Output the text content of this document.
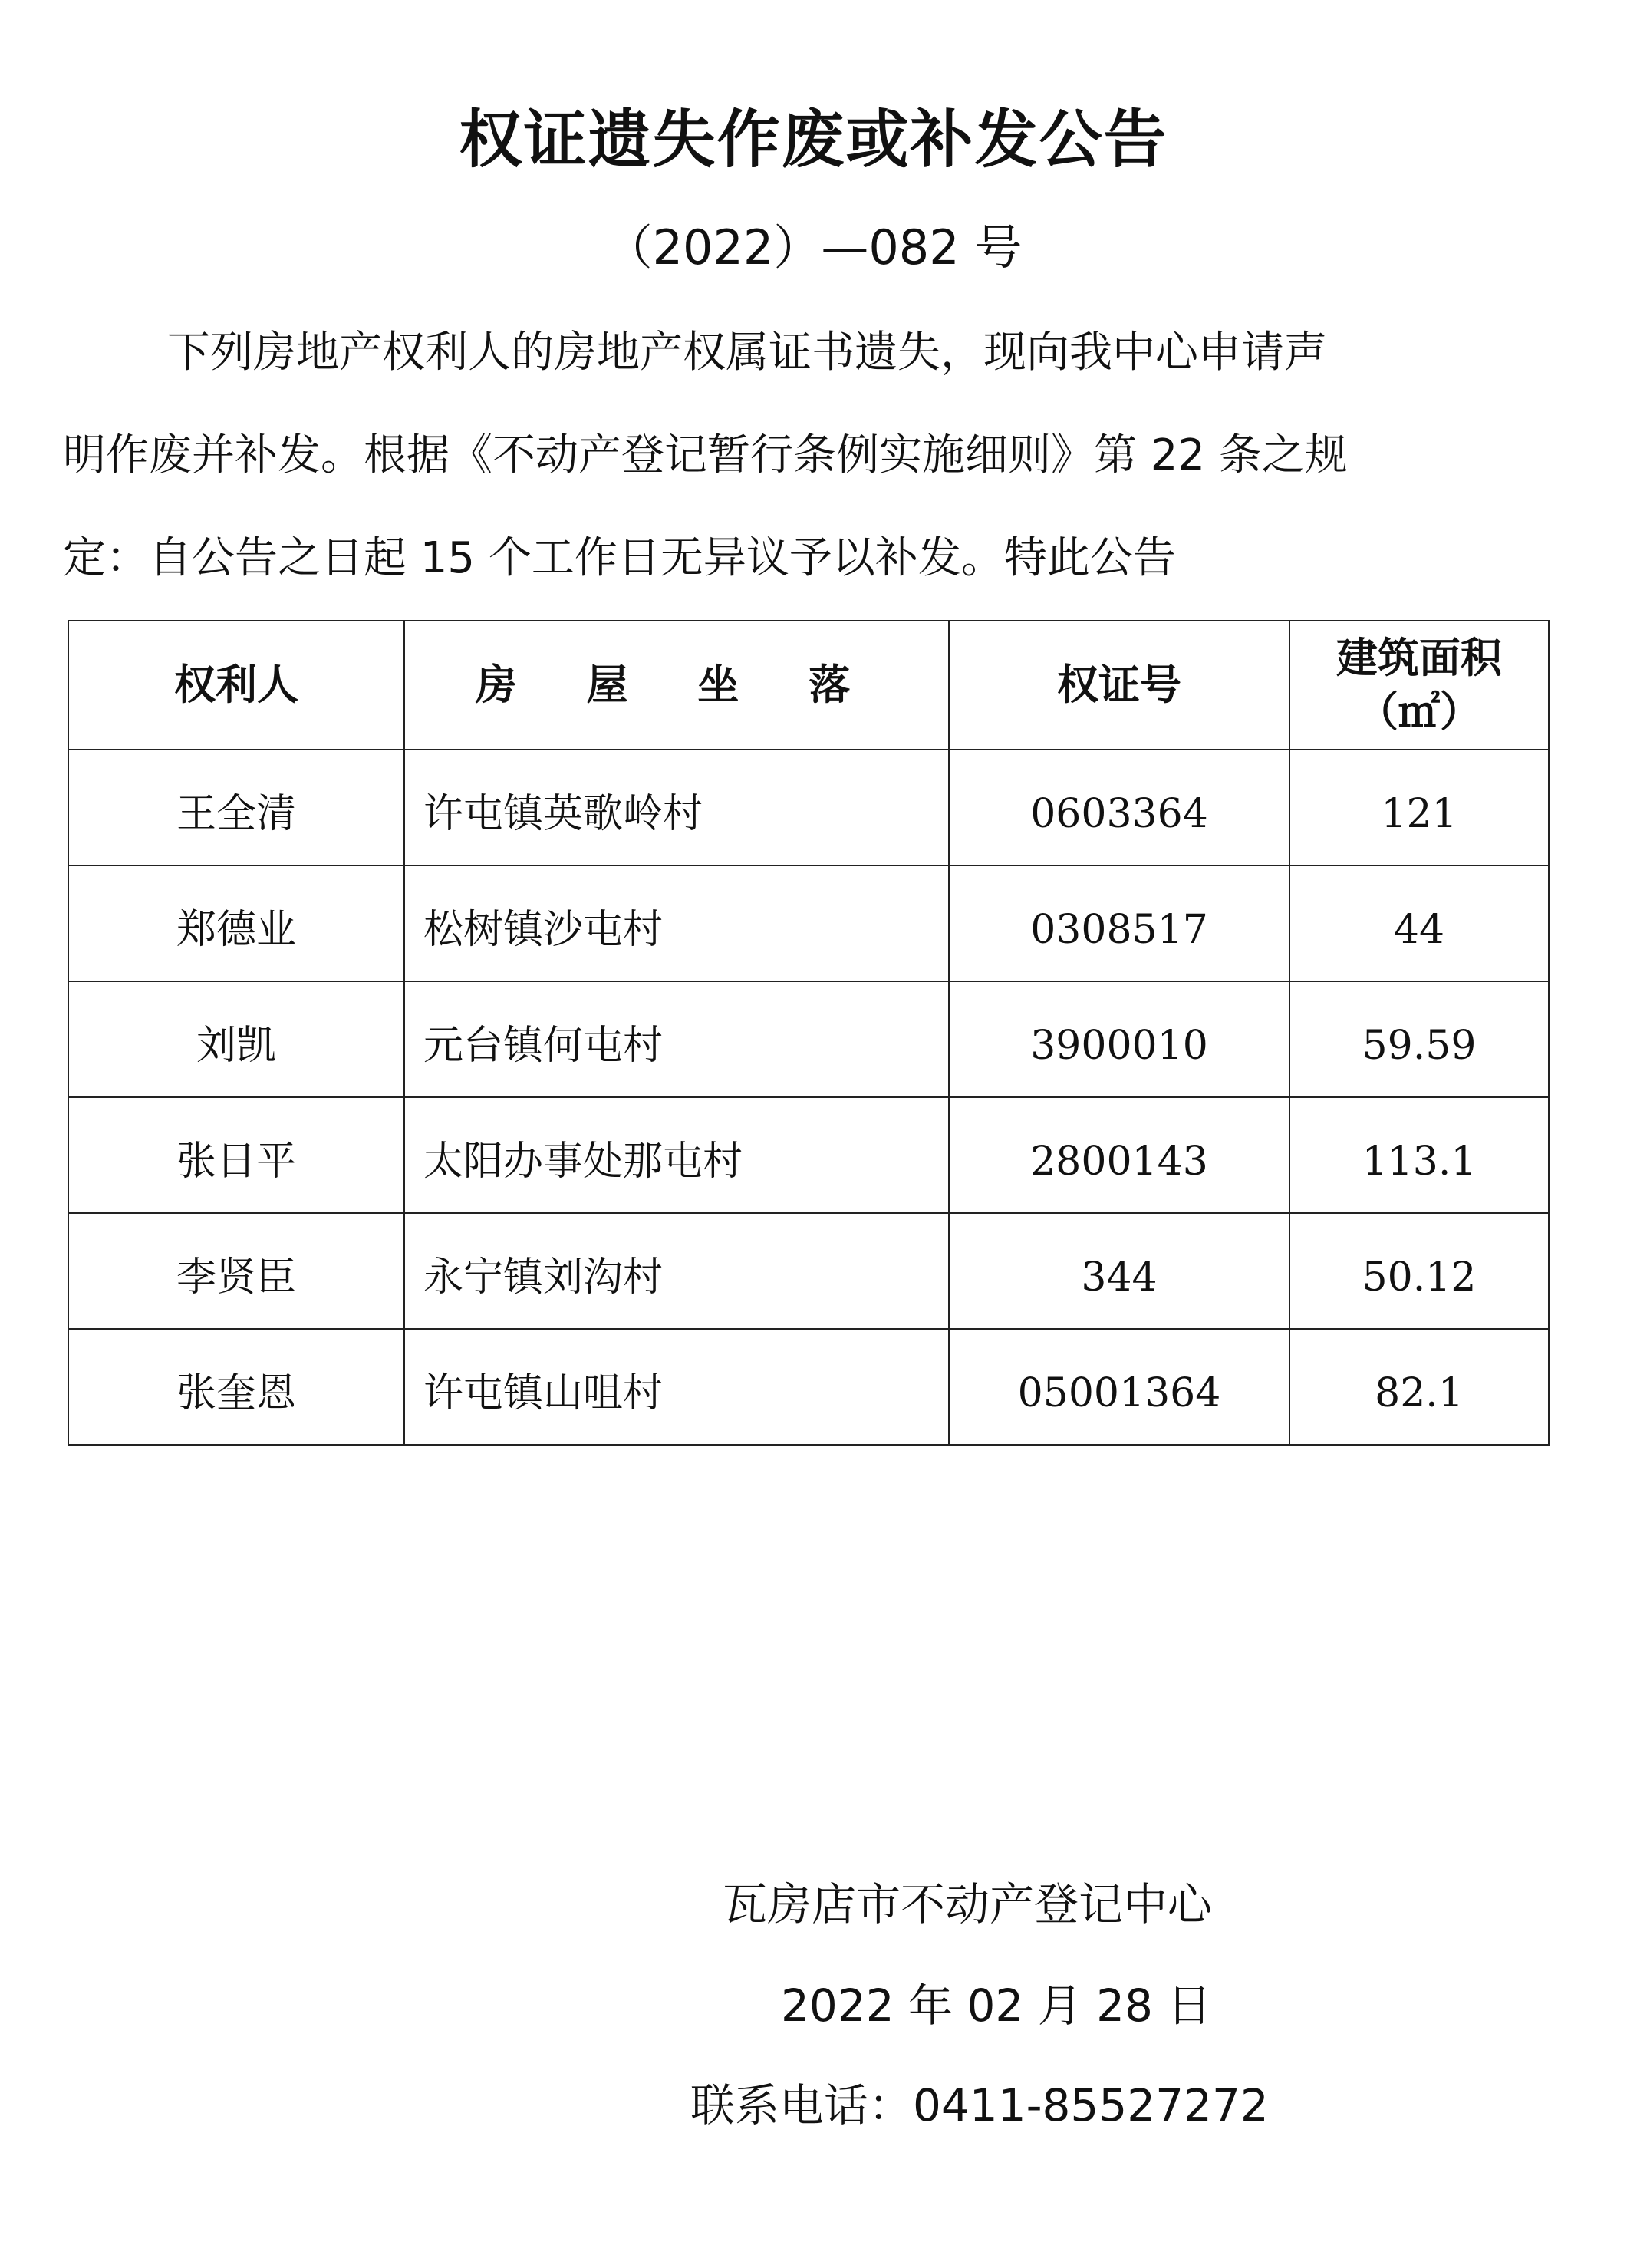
权证遗失作废或补发公告
（2022）—082 号
下列房地产权利人的房地产权属证书遗失，现向我中心申请声
明作废并补发。根据《不动产登记暂行条例实施细则》第 22 条之规
定：自公告之日起 15 个工作日无异议予以补发。特此公告
权利人	房 屋 坐 落	权证号	建筑面积
（㎡）

王全清	许屯镇英歌岭村	0603364	121

郑德业	松树镇沙屯村	0308517	44

刘凯	元台镇何屯村	3900010	59.59

张日平	太阳办事处那屯村	2800143	113.1

李贤臣	永宁镇刘沟村	344	50.12

张奎恩	许屯镇山咀村	05001364	82.1
瓦房店市不动产登记中心
2022 年 02 月 28 日
联系电话：0411-85527272
